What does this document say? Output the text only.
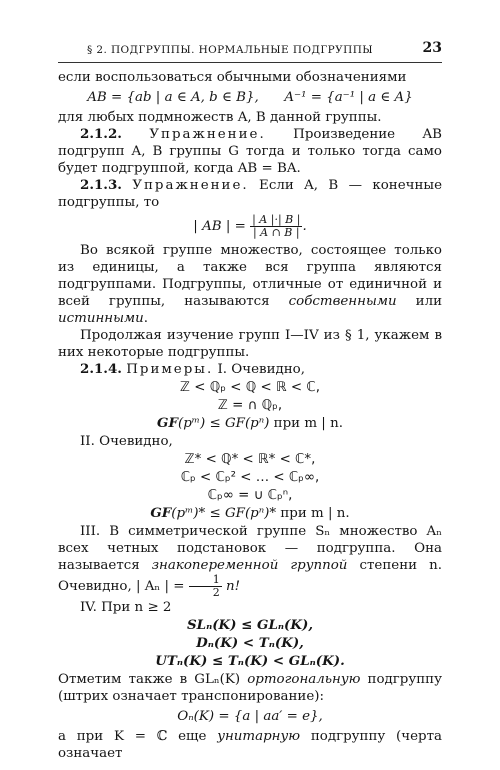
§ 2. ПОДГРУППЫ. НОРМАЛЬНЫЕ ПОДГРУППЫ	23

если воспользоваться обычными обозначениями

AB = {ab | a ∈ A, b ∈ B}, A⁻¹ = {a⁻¹ | a ∈ A}

для любых подмножеств A, B данной группы.

2.1.2. Упражнение. Произведение AB подгрупп A, B группы G тогда и только тогда само будет подгруппой, когда AB = BA.

2.1.3. Упражнение. Если A, B — конечные подгруппы, то

| AB | = $\frac{| A |\cdot| B |}{| A \cap B |}$ .

Во всякой группе множество, состоящее только из единицы, а также вся группа являются подгруппами. Подгруппы, отличные от единичной и всей группы, называются собственными или истинными.

Продолжая изучение групп I—IV из § 1, укажем в них некоторые подгруппы.

2.1.4. Примеры. I. Очевидно,

ℤ < ℚₚ < ℚ < ℝ < ℂ,
ℤ = ∩ ℚₚ,
GF(pᵐ) ≤ GF(pⁿ) при m | n.

II. Очевидно,

ℤ* < ℚ* < ℝ* < ℂ*,
ℂₚ < ℂₚ² < … < ℂₚ∞,
ℂₚ∞ = ∪ ℂₚⁿ,
GF(pᵐ)* ≤ GF(pⁿ)* при m | n.

III. В симметрической группе Sₙ множество Aₙ всех четных подстановок — подгруппа. Она называется знакопеременной группой степени n. Очевидно, | Aₙ | = $\frac{1}{2} n$!

IV. При n ≥ 2

SLₙ(K) ≤ GLₙ(K),
Dₙ(K) < Tₙ(K),
UTₙ(K) ≤ Tₙ(K) < GLₙ(K).

Отметим также в GLₙ(K) ортогональную подгруппу (штрих означает транспонирование):

Oₙ(K) = {a | aa′ = e},

а при K = ℂ еще унитарную подгруппу (черта означает
